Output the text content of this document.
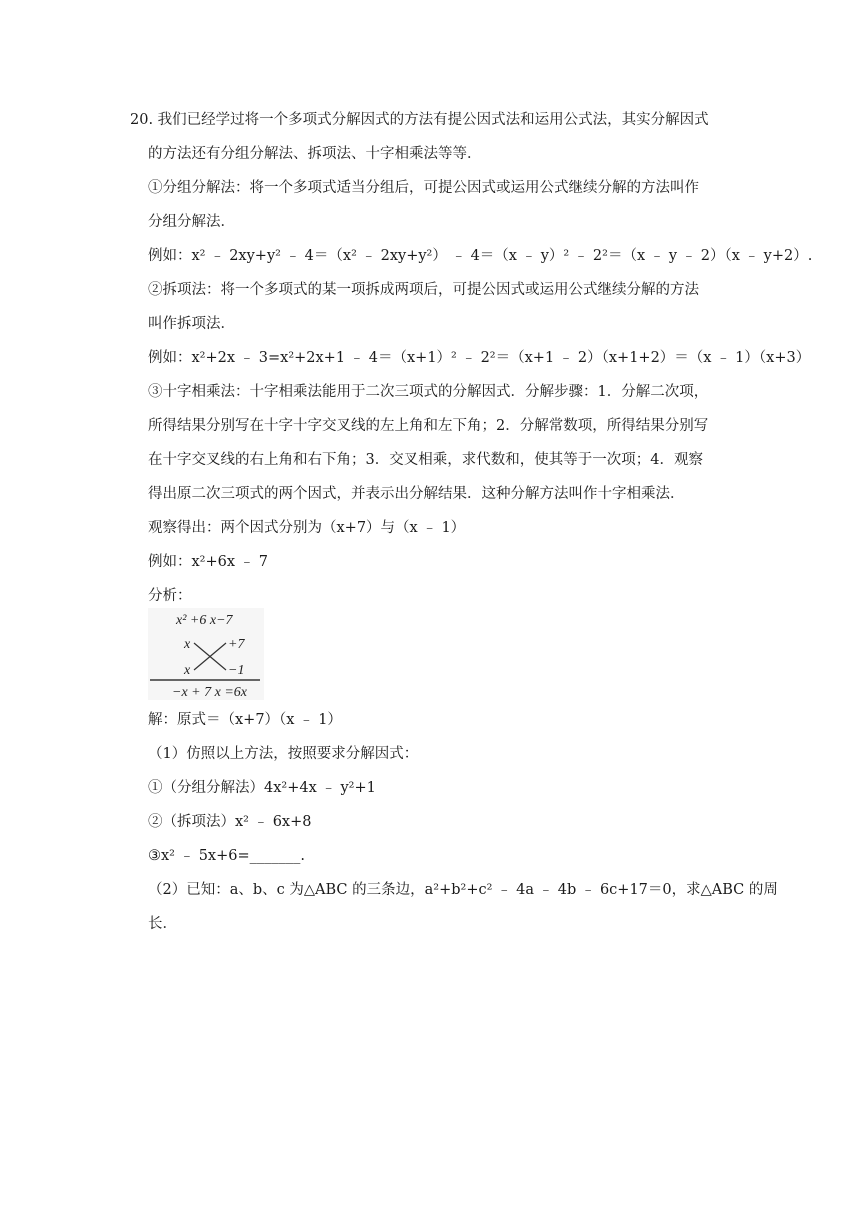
20. 我们已经学过将一个多项式分解因式的方法有提公因式法和运用公式法，其实分解因式
的方法还有分组分解法、拆项法、十字相乘法等等．
①分组分解法：将一个多项式适当分组后，可提公因式或运用公式继续分解的方法叫作
分组分解法．
例如：x² ﹣ 2xy+y² ﹣ 4＝（x² ﹣ 2xy+y²） ﹣ 4＝（x ﹣ y）² ﹣ 2²＝（x ﹣ y ﹣ 2）（x ﹣ y+2）.
②拆项法：将一个多项式的某一项拆成两项后，可提公因式或运用公式继续分解的方法
叫作拆项法．
例如：x²+2x ﹣ 3=x²+2x+1 ﹣ 4＝（x+1）² ﹣ 2²＝（x+1 ﹣ 2）（x+1+2）＝（x ﹣ 1）（x+3）
③十字相乘法：十字相乘法能用于二次三项式的分解因式．分解步骤：1．分解二次项，
所得结果分别写在十字十字交叉线的左上角和左下角；2．分解常数项，所得结果分别写
在十字交叉线的右上角和右下角；3．交叉相乘，求代数和，使其等于一次项；4．观察
得出原二次三项式的两个因式，并表示出分解结果．这种分解方法叫作十字相乘法．
观察得出：两个因式分别为（x+7）与（x ﹣ 1）
例如：x²+6x ﹣ 7
分析：
x² +6 x−7
x	+7
x	−1
−x + 7 x =6x
解：原式＝（x+7）（x ﹣ 1）
（1）仿照以上方法，按照要求分解因式：
①（分组分解法）4x²+4x ﹣ y²+1
②（拆项法）x² ﹣ 6x+8
③x² ﹣ 5x+6=_______.
（2）已知：a、b、c 为△ABC 的三条边，a²+b²+c² ﹣ 4a ﹣ 4b ﹣ 6c+17＝0，求△ABC 的周
长．
